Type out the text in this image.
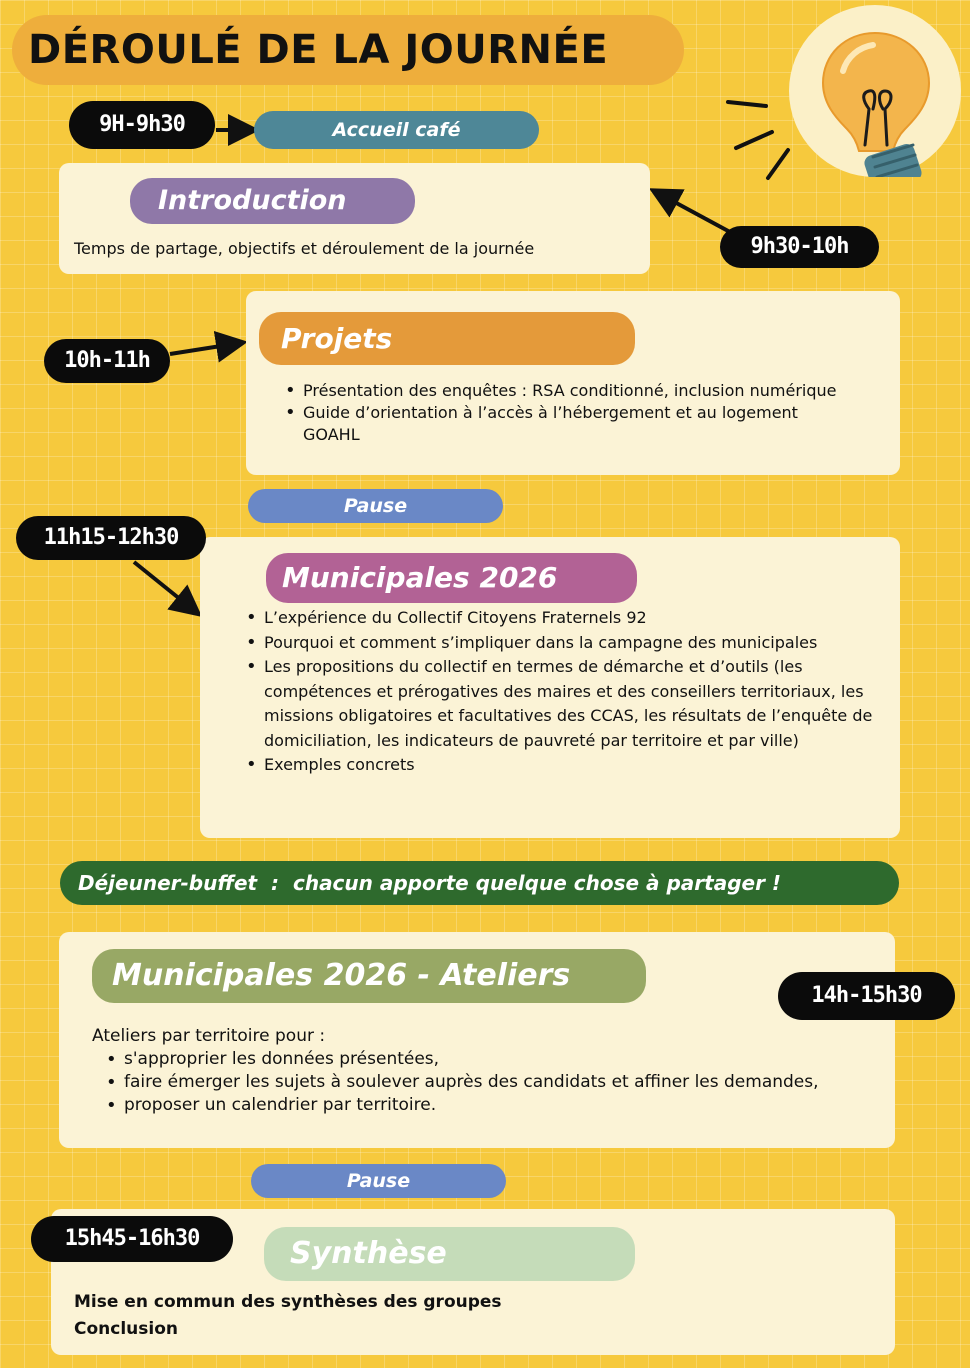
DÉROULÉ DE LA JOURNÉE
9H-9h30	Accueil café
Introduction
Temps de partage, objectifs et déroulement de la journée	9h30-10h
Projets
• Présentation des enquêtes : RSA conditionné, inclusion numérique
• Guide d’orientation à l’accès à l’hébergement et au logement GOAHL
10h-11h
Pause
Municipales 2026
• L’expérience du Collectif Citoyens Fraternels 92
• Pourquoi et comment s’impliquer dans la campagne des municipales
• Les propositions du collectif en termes de démarche et d’outils (les compétences et prérogatives des maires et des conseillers territoriaux, les missions obligatoires et facultatives des CCAS, les résultats de l’enquête de domiciliation, les indicateurs de pauvreté par territoire et par ville)
• Exemples concrets
11h15-12h30
Déjeuner-buffet  :  chacun apporte quelque chose à partager !
Municipales 2026 - Ateliers
Ateliers par territoire pour :
• s'approprier les données présentées,
• faire émerger les sujets à soulever auprès des candidats et affiner les demandes,
• proposer un calendrier par territoire.
14h-15h30
Pause
Synthèse
Mise en commun des synthèses des groupes
Conclusion
15h45-16h30
